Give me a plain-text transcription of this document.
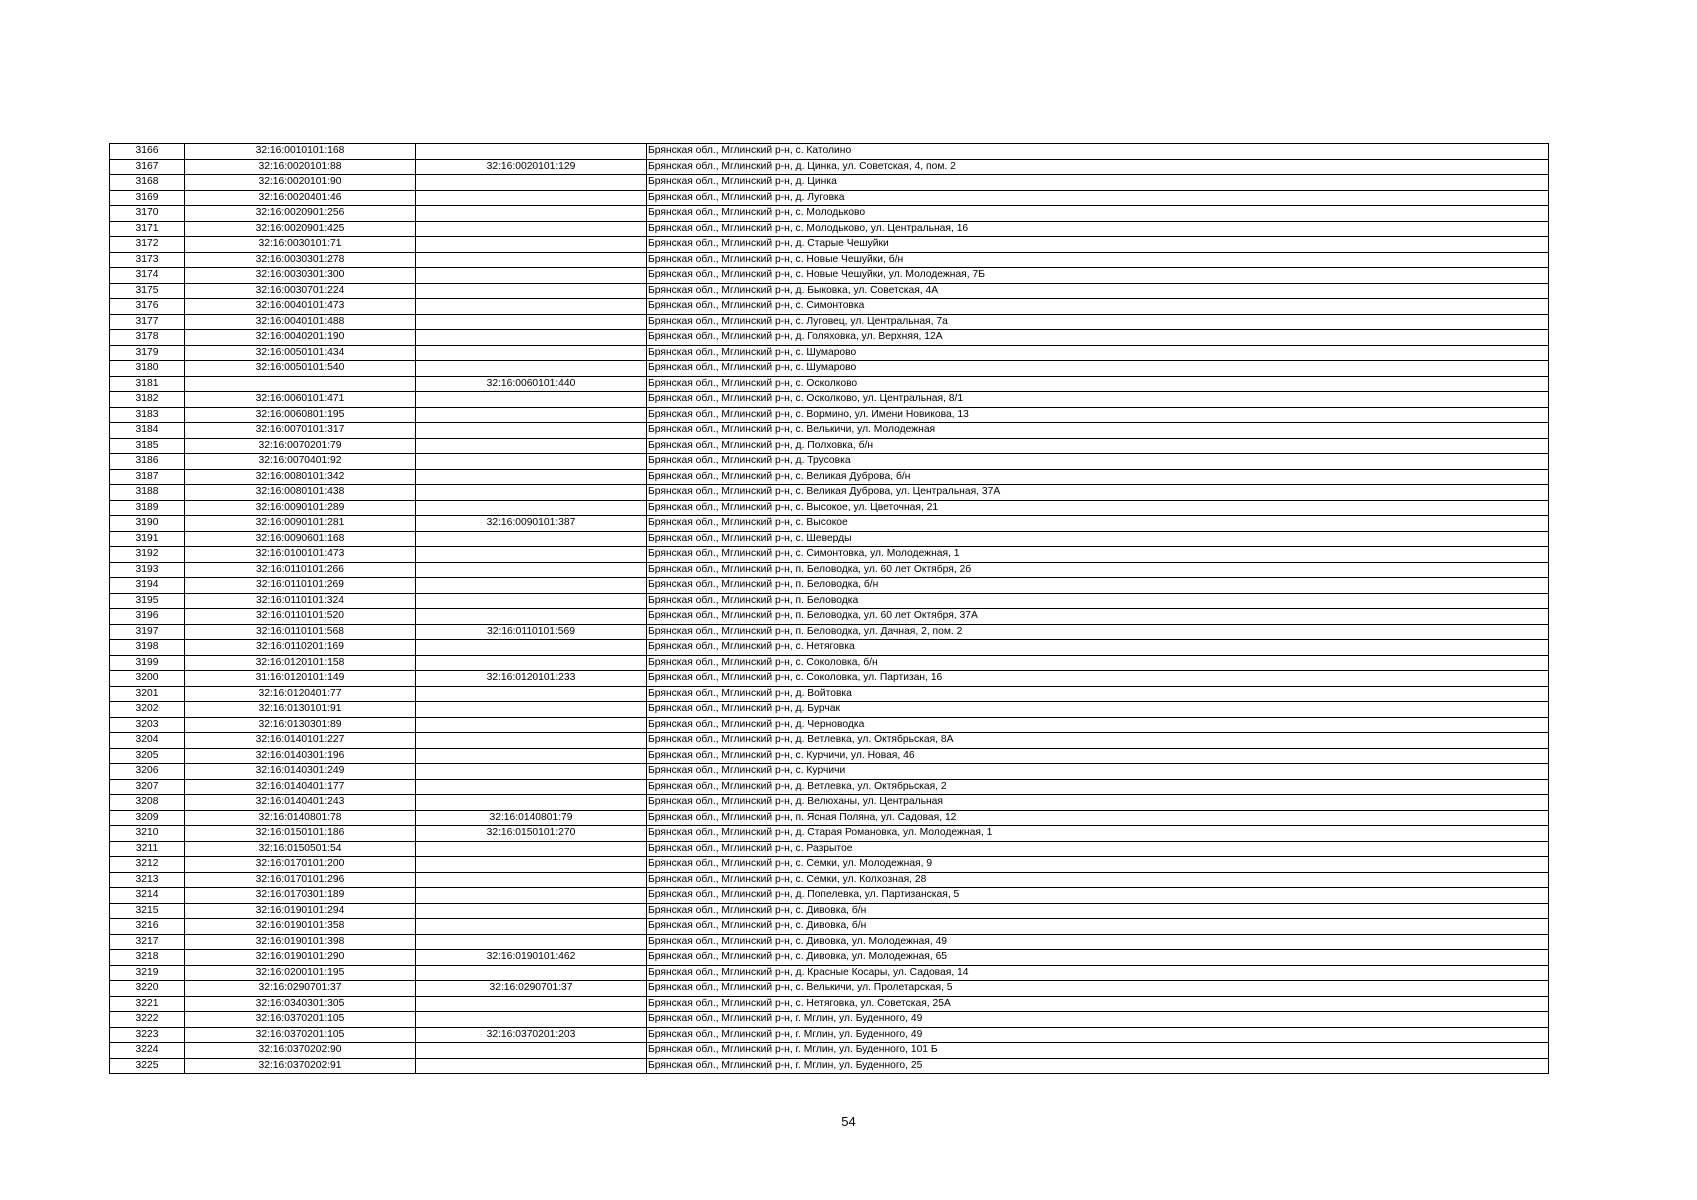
3166	32:16:0010101:168		Брянская обл., Мглинский р-н, с. Католино
3167	32:16:0020101:88	32:16:0020101:129	Брянская обл., Мглинский р-н, д. Цинка, ул. Советская, 4, пом. 2
3168	32:16:0020101:90		Брянская обл., Мглинский р-н, д. Цинка
3169	32:16:0020401:46		Брянская обл., Мглинский р-н, д. Луговка
3170	32:16:0020901:256		Брянская обл., Мглинский р-н, с. Молодьково
3171	32:16:0020901:425		Брянская обл., Мглинский р-н, с. Молодьково, ул. Центральная, 16
3172	32:16:0030101:71		Брянская обл., Мглинский р-н, д. Старые Чешуйки
3173	32:16:0030301:278		Брянская обл., Мглинский р-н, с. Новые Чешуйки, б/н
3174	32:16:0030301:300		Брянская обл., Мглинский р-н, с. Новые Чешуйки, ул. Молодежная, 7Б
3175	32:16:0030701:224		Брянская обл., Мглинский р-н, д. Быковка, ул. Советская, 4А
3176	32:16:0040101:473		Брянская обл., Мглинский р-н, с. Симонтовка
3177	32:16:0040101:488		Брянская обл., Мглинский р-н, с. Луговец, ул. Центральная, 7а
3178	32:16:0040201:190		Брянская обл., Мглинский р-н, д. Голяховка, ул. Верхняя, 12А
3179	32:16:0050101:434		Брянская обл., Мглинский р-н, с. Шумарово
3180	32:16:0050101:540		Брянская обл., Мглинский р-н, с. Шумарово
3181		32:16:0060101:440	Брянская обл., Мглинский р-н, с. Осколково
3182	32:16:0060101:471		Брянская обл., Мглинский р-н, с. Осколково, ул. Центральная, 8/1
3183	32:16:0060801:195		Брянская обл., Мглинский р-н, с. Вормино, ул. Имени Новикова, 13
3184	32:16:0070101:317		Брянская обл., Мглинский р-н, с. Велькичи, ул. Молодежная
3185	32:16:0070201:79		Брянская обл., Мглинский р-н, д. Полховка, б/н
3186	32:16:0070401:92		Брянская обл., Мглинский р-н, д. Трусовка
3187	32:16:0080101:342		Брянская обл., Мглинский р-н, с. Великая Дуброва, б/н
3188	32:16:0080101:438		Брянская обл., Мглинский р-н, с. Великая Дуброва, ул. Центральная, 37А
3189	32:16:0090101:289		Брянская обл., Мглинский р-н, с. Высокое, ул. Цветочная, 21
3190	32:16:0090101:281	32:16:0090101:387	Брянская обл., Мглинский р-н, с. Высокое
3191	32:16:0090601:168		Брянская обл., Мглинский р-н, с. Шеверды
3192	32:16:0100101:473		Брянская обл., Мглинский р-н, с. Симонтовка, ул. Молодежная, 1
3193	32:16:0110101:266		Брянская обл., Мглинский р-н, п. Беловодка, ул. 60 лет Октября, 2б
3194	32:16:0110101:269		Брянская обл., Мглинский р-н, п. Беловодка, б/н
3195	32:16:0110101:324		Брянская обл., Мглинский р-н, п. Беловодка
3196	32:16:0110101:520		Брянская обл., Мглинский р-н, п. Беловодка, ул. 60 лет Октября, 37А
3197	32:16:0110101:568	32:16:0110101:569	Брянская обл., Мглинский р-н, п. Беловодка, ул. Дачная, 2, пом. 2
3198	32:16:0110201:169		Брянская обл., Мглинский р-н, с. Нетяговка
3199	32:16:0120101:158		Брянская обл., Мглинский р-н, с. Соколовка, б/н
3200	31:16:0120101:149	32:16:0120101:233	Брянская обл., Мглинский р-н, с. Соколовка, ул. Партизан, 16
3201	32:16:0120401:77		Брянская обл., Мглинский р-н, д. Войтовка
3202	32:16:0130101:91		Брянская обл., Мглинский р-н, д. Бурчак
3203	32:16:0130301:89		Брянская обл., Мглинский р-н, д. Черноводка
3204	32:16:0140101:227		Брянская обл., Мглинский р-н, д. Ветлевка, ул. Октябрьская, 8А
3205	32:16:0140301:196		Брянская обл., Мглинский р-н, с. Курчичи, ул. Новая, 46
3206	32:16:0140301:249		Брянская обл., Мглинский р-н, с. Курчичи
3207	32:16:0140401:177		Брянская обл., Мглинский р-н, д. Ветлевка, ул. Октябрьская, 2
3208	32:16:0140401:243		Брянская обл., Мглинский р-н, д. Велюханы, ул. Центральная
3209	32:16:0140801:78	32:16:0140801:79	Брянская обл., Мглинский р-н, п. Ясная Поляна, ул. Садовая, 12
3210	32:16:0150101:186	32:16:0150101:270	Брянская обл., Мглинский р-н, д. Старая Романовка, ул. Молодежная, 1
3211	32:16:0150501:54		Брянская обл., Мглинский р-н, с. Разрытое
3212	32:16:0170101:200		Брянская обл., Мглинский р-н, с. Семки, ул. Молодежная, 9
3213	32:16:0170101:296		Брянская обл., Мглинский р-н, с. Семки, ул. Колхозная, 28
3214	32:16:0170301:189		Брянская обл., Мглинский р-н, д. Попелевка, ул. Партизанская, 5
3215	32:16:0190101:294		Брянская обл., Мглинский р-н, с. Дивовка, б/н
3216	32:16:0190101:358		Брянская обл., Мглинский р-н, с. Дивовка, б/н
3217	32:16:0190101:398		Брянская обл., Мглинский р-н, с. Дивовка, ул. Молодежная, 49
3218	32:16:0190101:290	32:16:0190101:462	Брянская обл., Мглинский р-н, с. Дивовка, ул. Молодежная, 65
3219	32:16:0200101:195		Брянская обл., Мглинский р-н, д. Красные Косары, ул. Садовая, 14
3220	32:16:0290701:37	32:16:0290701:37	Брянская обл., Мглинский р-н, с. Велькичи, ул. Пролетарская, 5
3221	32:16:0340301:305		Брянская обл., Мглинский р-н, с. Нетяговка, ул. Советская, 25А
3222	32:16:0370201:105		Брянская обл., Мглинский р-н, г. Мглин, ул. Буденного, 49
3223	32:16:0370201:105	32:16:0370201:203	Брянская обл., Мглинский р-н, г. Мглин, ул. Буденного, 49
3224	32:16:0370202:90		Брянская обл., Мглинский р-н, г. Мглин, ул. Буденного, 101 Б
3225	32:16:0370202:91		Брянская обл., Мглинский р-н, г. Мглин, ул. Буденного, 25
54
